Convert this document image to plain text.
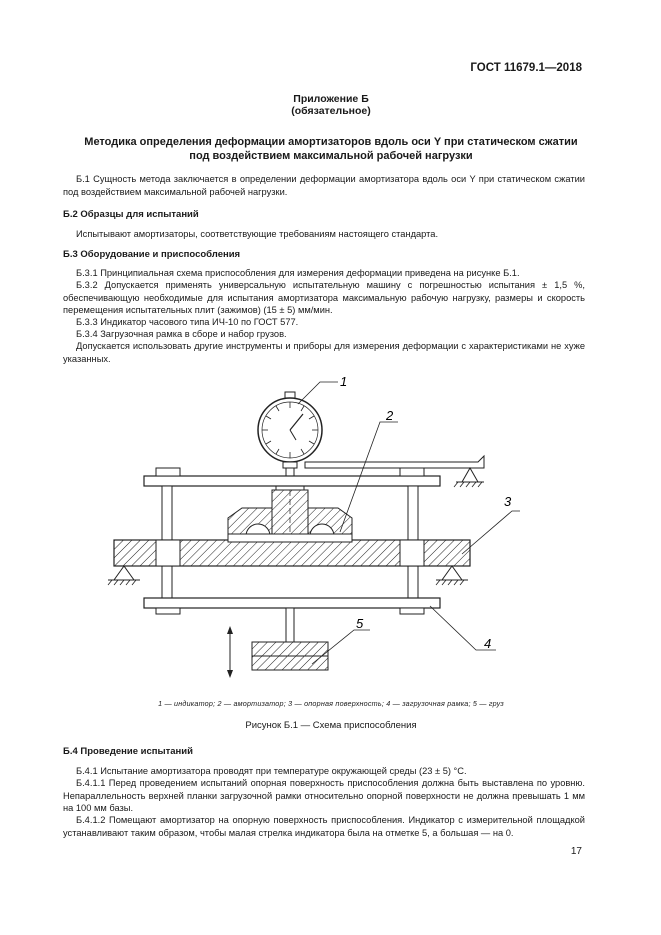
ГОСТ 11679.1—2018
Приложение Б
(обязательное)
Методика определения деформации амортизаторов вдоль оси Y при статическом сжатии
под воздействием максимальной рабочей нагрузки
Б.1 Сущность метода заключается в определении деформации амортизатора вдоль оси Y при статическом сжатии под воздействием максимальной рабочей нагрузки.
Б.2 Образцы для испытаний
Испытывают амортизаторы, соответствующие требованиям настоящего стандарта.
Б.3 Оборудование и приспособления
Б.3.1 Принципиальная схема приспособления для измерения деформации приведена на рисунке Б.1.
Б.3.2 Допускается применять универсальную испытательную машину с погрешностью испытания ± 1,5 %, обеспечивающую необходимые для испытания амортизатора максимальную рабочую нагрузку, размеры и скорость перемещения испытательных плит (зажимов) (15 ± 5) мм/мин.
Б.3.3 Индикатор часового типа ИЧ-10 по ГОСТ 577.
Б.3.4 Загрузочная рамка в сборе и набор грузов.
Допускается использовать другие инструменты и приборы для измерения деформации с характеристиками не хуже указанных.
1
2
3
4
5
1 — индикатор; 2 — амортизатор; 3 — опорная поверхность; 4 — загрузочная рамка; 5 — груз
Рисунок Б.1 — Схема приспособления
Б.4 Проведение испытаний
Б.4.1 Испытание амортизатора проводят при температуре окружающей среды (23 ± 5) °С.
Б.4.1.1 Перед проведением испытаний опорная поверхность приспособления должна быть выставлена по уровню. Непараллельность верхней планки загрузочной рамки относительно опорной поверхности не должна превышать 1 мм на 100 мм базы.
Б.4.1.2 Помещают амортизатор на опорную поверхность приспособления. Индикатор с измерительной площадкой устанавливают таким образом, чтобы малая стрелка индикатора была на отметке 5, а большая — на 0.
17
